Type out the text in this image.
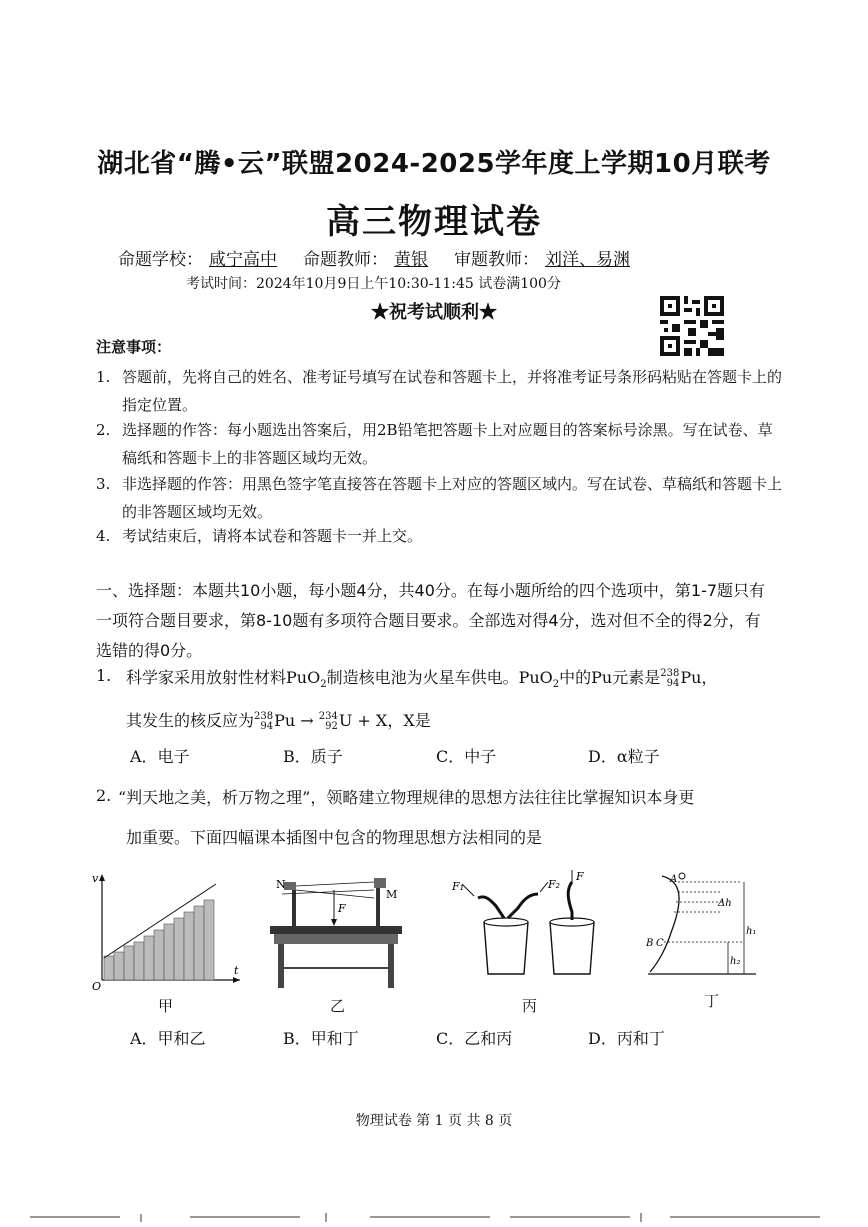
湖北省“腾•云”联盟2024-2025学年度上学期10月联考
高三物理试卷
命题学校： 咸宁高中 命题教师： 黄银 审题教师： 刘洋、易渊
考试时间：2024年10月9日上午10:30-11:45 试卷满100分
★祝考试顺利★
注意事项：
1. 答题前，先将自己的姓名、准考证号填写在试卷和答题卡上，并将准考证号条形码粘贴在答题卡上的指定位置。
2. 选择题的作答：每小题选出答案后，用2B铅笔把答题卡上对应题目的答案标号涂黑。写在试卷、草稿纸和答题卡上的非答题区域均无效。
3. 非选择题的作答：用黑色签字笔直接答在答题卡上对应的答题区域内。写在试卷、草稿纸和答题卡上的非答题区域均无效。
4. 考试结束后，请将本试卷和答题卡一并上交。
一、选择题：本题共10小题，每小题4分，共40分。在每小题所给的四个选项中，第1-7题只有一项符合题目要求，第8-10题有多项符合题目要求。全部选对得4分，选对但不全的得2分，有选错的得0分。
1. 科学家采用放射性材料PuO$_2$制造核电池为火星车供电。PuO$_2$中的Pu元素是238
94Pu，
其发生的核反应为238
94Pu → 234
92U + X，X是
A．电子	B．质子	C．中子	D．α粒子
2. “判天地之美，析万物之理”，领略建立物理规律的思想方法往往比掌握知识本身更
加重要。下面四幅课本插图中包含的物理思想方法相同的是
v
t
O
甲
N
M
F
乙
F₁	F₂
F
丙
A
B C
Δh
h₁
h₂
丁
A．甲和乙	B．甲和丁	C．乙和丙	D．丙和丁
物理试卷 第 1 页 共 8 页
